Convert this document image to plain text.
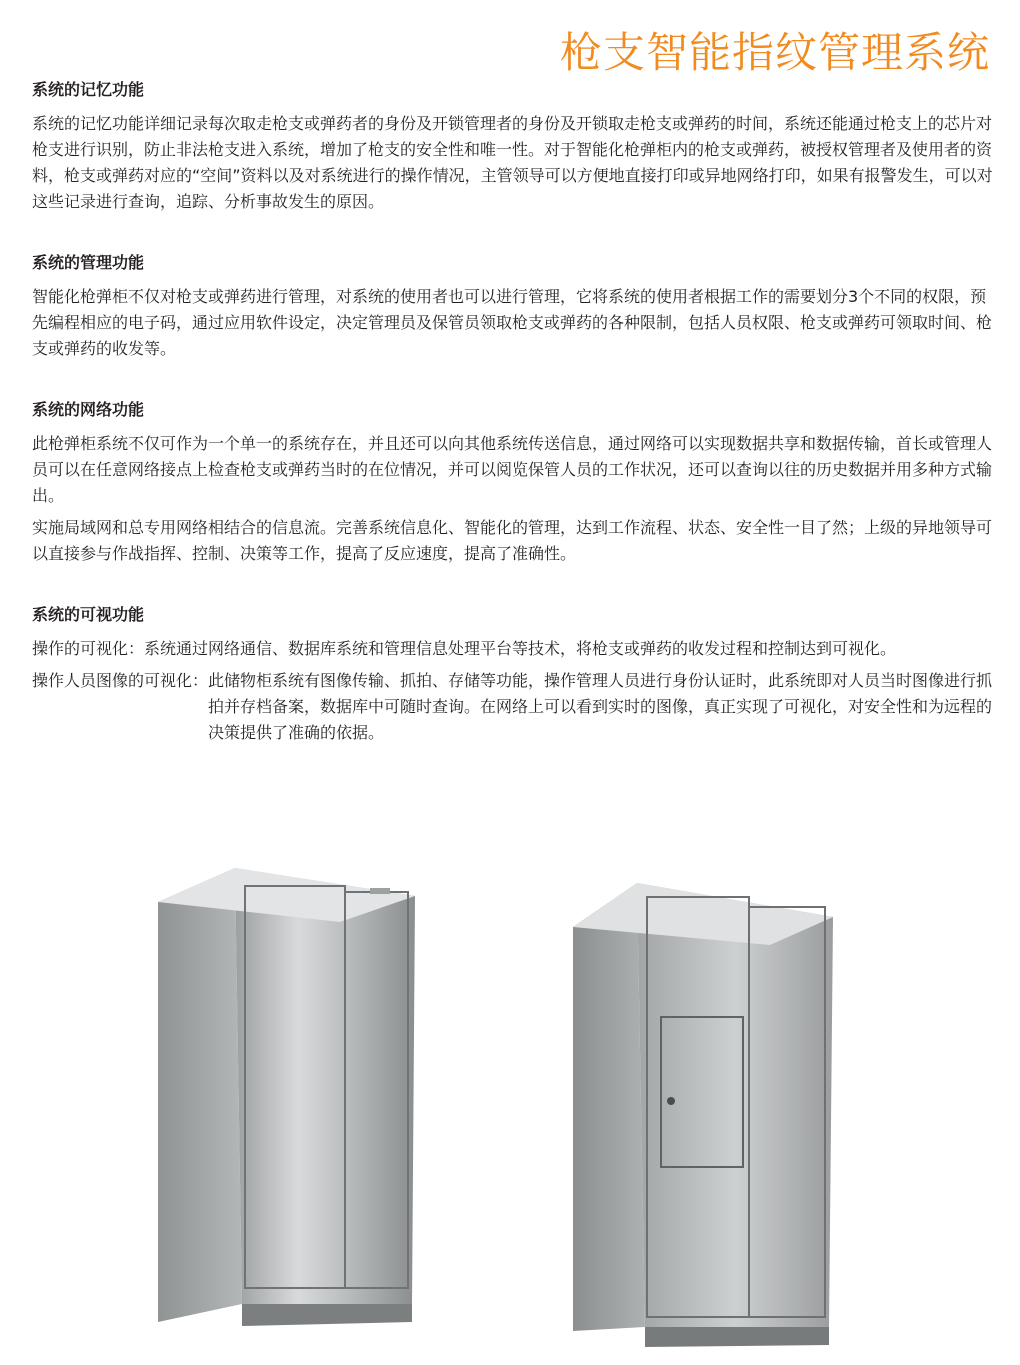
枪支智能指纹管理系统
系统的记忆功能

系统的记忆功能详细记录每次取走枪支或弹药者的身份及开锁管理者的身份及开锁取走枪支或弹药的时间，系统还能通过枪支上的芯片对枪支进行识别，防止非法枪支进入系统，增加了枪支的安全性和唯一性。对于智能化枪弹柜内的枪支或弹药，被授权管理者及使用者的资料，枪支或弹药对应的“空间”资料以及对系统进行的操作情况，主管领导可以方便地直接打印或异地网络打印，如果有报警发生，可以对这些记录进行查询，追踪、分析事故发生的原因。

系统的管理功能

智能化枪弹柜不仅对枪支或弹药进行管理，对系统的使用者也可以进行管理，它将系统的使用者根据工作的需要划分3个不同的权限，预先编程相应的电子码，通过应用软件设定，决定管理员及保管员领取枪支或弹药的各种限制，包括人员权限、枪支或弹药可领取时间、枪支或弹药的收发等。

系统的网络功能

此枪弹柜系统不仅可作为一个单一的系统存在，并且还可以向其他系统传送信息，通过网络可以实现数据共享和数据传输，首长或管理人员可以在任意网络接点上检查枪支或弹药当时的在位情况，并可以阅览保管人员的工作状况，还可以查询以往的历史数据并用多种方式输出。

实施局域网和总专用网络相结合的信息流。完善系统信息化、智能化的管理，达到工作流程、状态、安全性一目了然；上级的异地领导可以直接参与作战指挥、控制、决策等工作，提高了反应速度，提高了准确性。

系统的可视功能
操作的可视化： 系统通过网络通信、数据库系统和管理信息处理平台等技术，将枪支或弹药的收发过程和控制达到可视化。
操作人员图像的可视化： 此储物柜系统有图像传输、抓拍、存储等功能，操作管理人员进行身份认证时，此系统即对人员当时图像进行抓拍并存档备案，数据库中可随时查询。在网络上可以看到实时的图像，真正实现了可视化，对安全性和为远程的决策提供了准确的依据。
